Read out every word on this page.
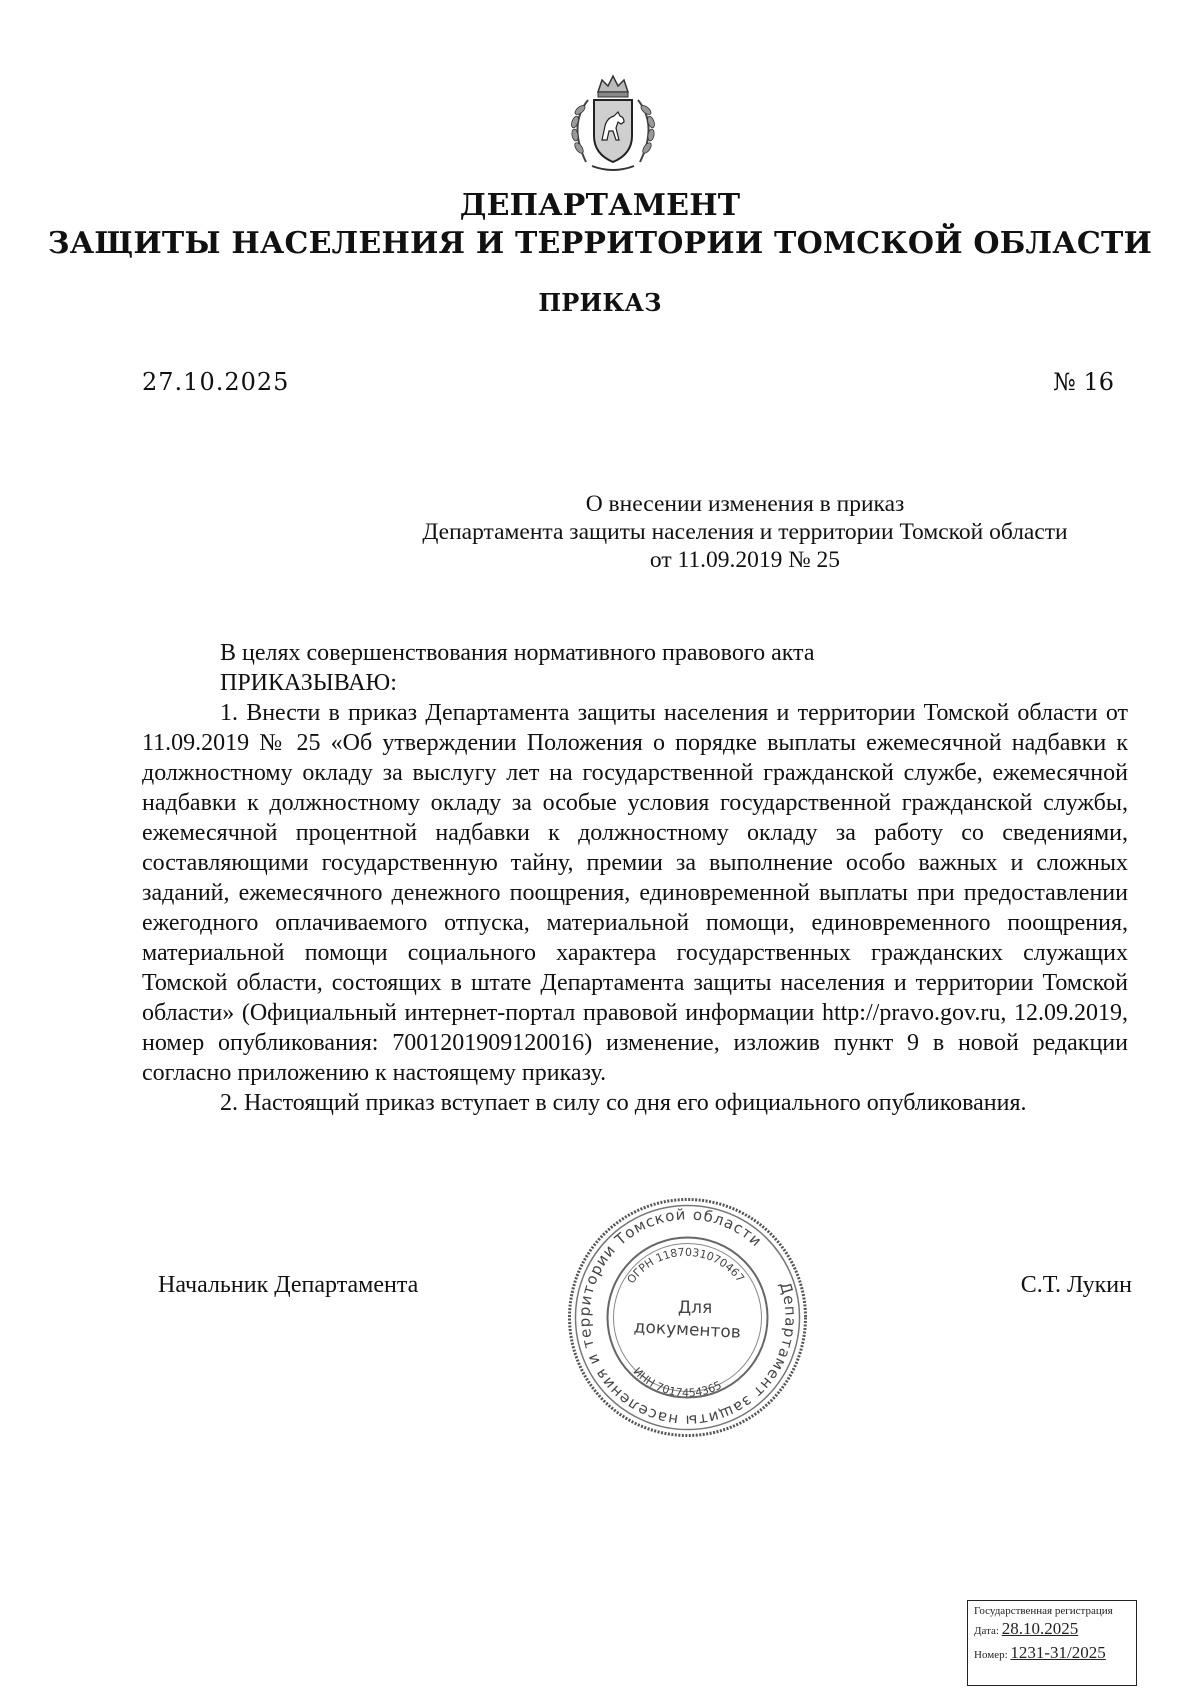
ДЕПАРТАМЕНТ
ЗАЩИТЫ НАСЕЛЕНИЯ И ТЕРРИТОРИИ ТОМСКОЙ ОБЛАСТИ
ПРИКАЗ
27.10.2025	№ 16
О внесении изменения в приказ
Департамента защиты населения и территории Томской области
от 11.09.2019 № 25

В целях совершенствования нормативного правового акта

ПРИКАЗЫВАЮ:

1. Внести в приказ Департамента защиты населения и территории Томской области от 11.09.2019 № 25 «Об утверждении Положения о порядке выплаты ежемесячной надбавки к должностному окладу за выслугу лет на государственной гражданской службе, ежемесячной надбавки к должностному окладу за особые условия государственной гражданской службы, ежемесячной процентной надбавки к должностному окладу за работу со сведениями, составляющими государственную тайну, премии за выполнение особо важных и сложных заданий, ежемесячного денежного поощрения, единовременной выплаты при предоставлении ежегодного оплачиваемого отпуска, материальной помощи, единовременного поощрения, материальной помощи социального характера государственных гражданских служащих Томской области, состоящих в штате Департамента защиты населения и территории Томской области» (Официальный интернет-портал правовой информации http://pravo.gov.ru, 12.09.2019, номер опубликования: 7001201909120016) изменение, изложив пункт 9 в новой редакции согласно приложению к настоящему приказу.

2. Настоящий приказ вступает в силу со дня его официального опубликования.

Начальник Департамента	С.Т. Лукин
Департамент защиты населения и территории Томской области
ОГРН 1187031070467
ИНН 7017454365
Для
документов
Государственная регистрация
Дата: 28.10.2025
Номер: 1231-31/2025
